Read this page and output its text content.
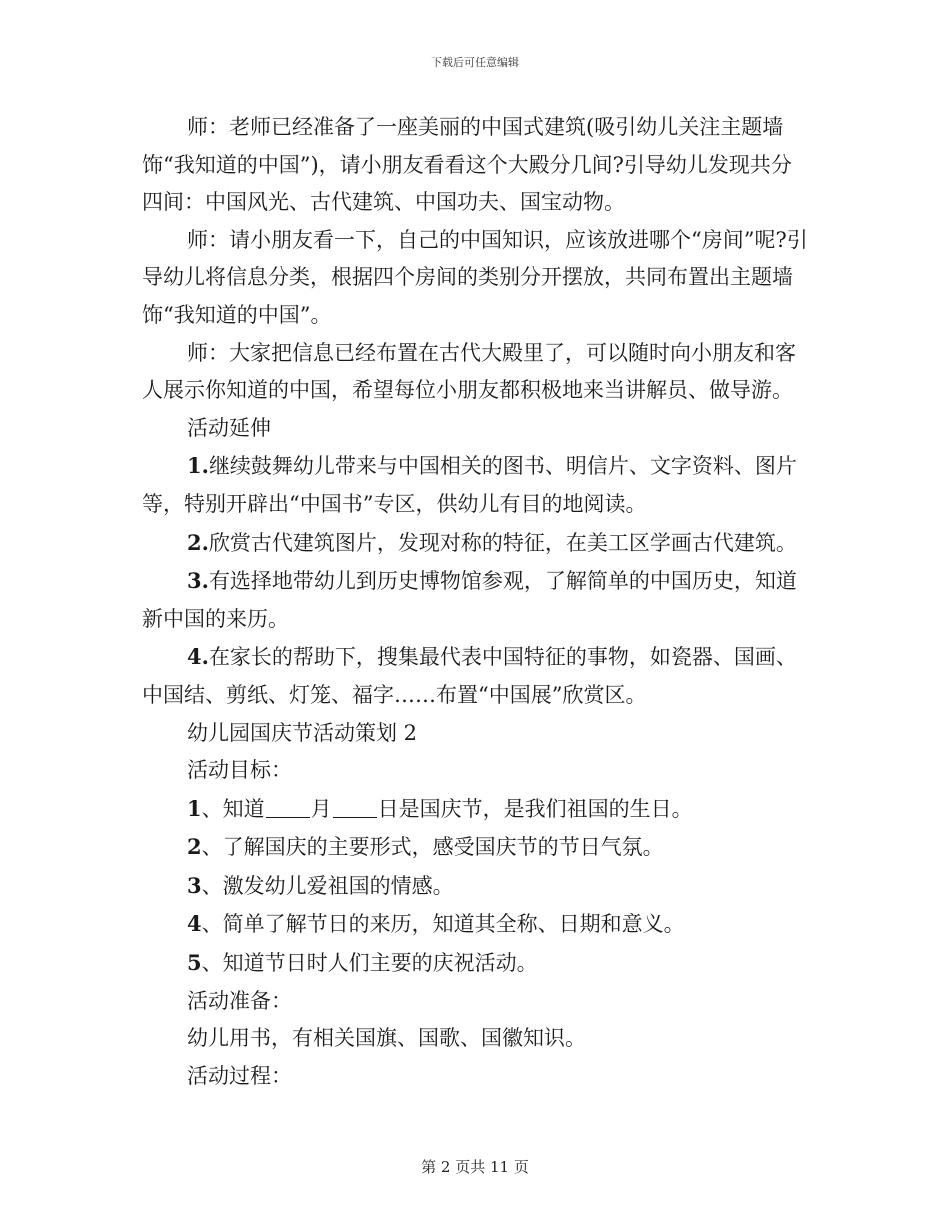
下载后可任意编辑

师：老师已经准备了一座美丽的中国式建筑(吸引幼儿关注主题墙饰“我知道的中国”)，请小朋友看看这个大殿分几间?引导幼儿发现共分四间：中国风光、古代建筑、中国功夫、国宝动物。

师：请小朋友看一下，自己的中国知识，应该放进哪个“房间”呢?引导幼儿将信息分类，根据四个房间的类别分开摆放，共同布置出主题墙饰“我知道的中国”。

师：大家把信息已经布置在古代大殿里了，可以随时向小朋友和客人展示你知道的中国，希望每位小朋友都积极地来当讲解员、做导游。

活动延伸

1.继续鼓舞幼儿带来与中国相关的图书、明信片、文字资料、图片等，特别开辟出“中国书”专区，供幼儿有目的地阅读。

2.欣赏古代建筑图片，发现对称的特征，在美工区学画古代建筑。

3.有选择地带幼儿到历史博物馆参观，了解简单的中国历史，知道新中国的来历。

4.在家长的帮助下，搜集最代表中国特征的事物，如瓷器、国画、中国结、剪纸、灯笼、福字……布置“中国展”欣赏区。

幼儿园国庆节活动策划 2

活动目标：

1、知道 月 日是国庆节，是我们祖国的生日。

2、了解国庆的主要形式，感受国庆节的节日气氛。

3、激发幼儿爱祖国的情感。

4、简单了解节日的来历，知道其全称、日期和意义。

5、知道节日时人们主要的庆祝活动。

活动准备：

幼儿用书，有相关国旗、国歌、国徽知识。

活动过程：

第 2 页共 11 页
